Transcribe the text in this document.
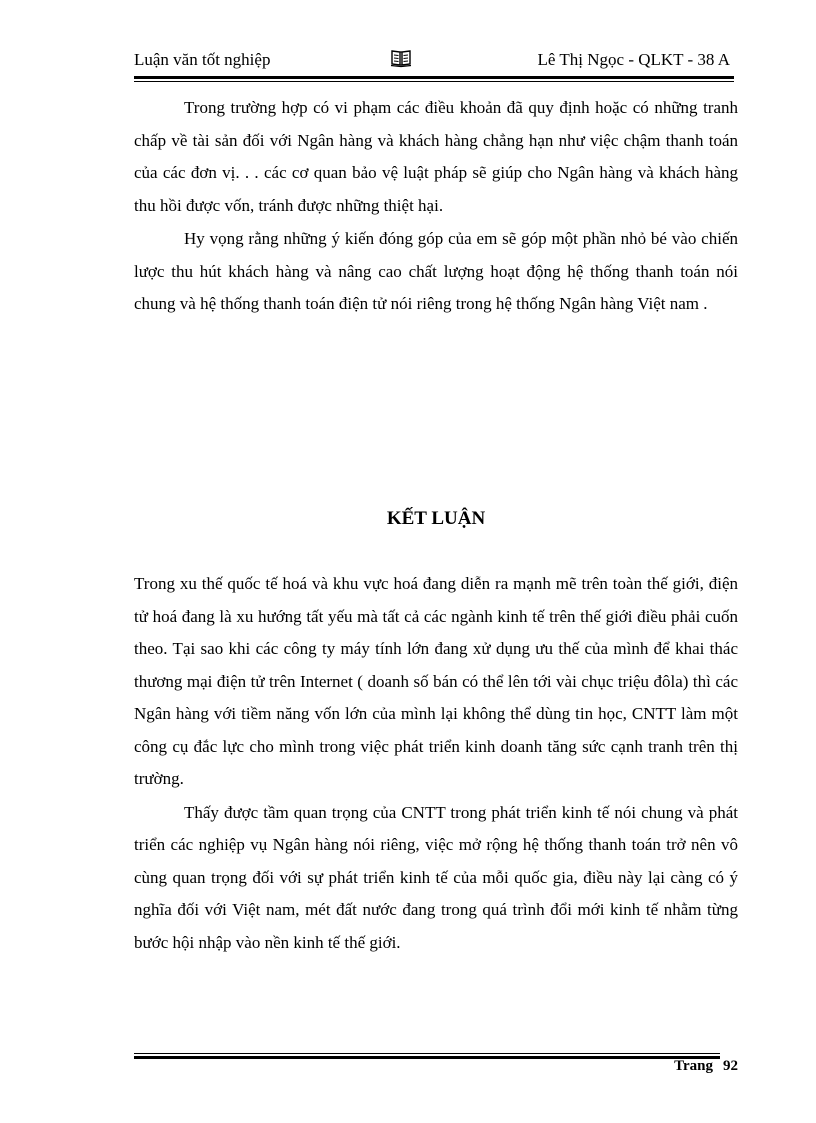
Luận văn tốt nghiệp	Lê Thị Ngọc - QLKT - 38 A

Trong trường hợp có vi phạm các điều khoản đã quy định hoặc có những tranh chấp về tài sản đối với Ngân hàng và khách hàng chẳng hạn như việc chậm thanh toán của các đơn vị. . . các cơ quan bảo vệ luật pháp sẽ giúp cho Ngân hàng và khách hàng thu hồi được vốn, tránh được những thiệt hại.

Hy vọng rằng những ý kiến đóng góp của em sẽ góp một phần nhỏ bé vào chiến lược thu hút khách hàng và nâng cao chất lượng hoạt động hệ thống thanh toán nói chung và hệ thống thanh toán điện tử nói riêng trong hệ thống Ngân hàng Việt nam .

KẾT LUẬN

Trong xu thế quốc tế hoá và khu vực hoá đang diễn ra mạnh mẽ trên toàn thế giới, điện tử hoá đang là xu hướng tất yếu mà tất cả các ngành kinh tế trên thế giới điều phải cuốn theo. Tại sao khi các công ty máy tính lớn đang xử dụng ưu thế của mình để khai thác thương mại điện tử trên Internet ( doanh số bán có thể lên tới vài chục triệu đôla) thì các Ngân hàng với tiềm năng vốn lớn của mình lại không thể dùng tin học, CNTT làm một công cụ đắc lực cho mình trong việc phát triển kinh doanh tăng sức cạnh tranh trên thị trường.

Thấy được tầm quan trọng của CNTT trong phát triển kinh tế nói chung và phát triển các nghiệp vụ Ngân hàng nói riêng, việc mở rộng hệ thống thanh toán trở nên vô cùng quan trọng đối với sự phát triển kinh tế của mỗi quốc gia, điều này lại càng có ý nghĩa đối với Việt nam, mét đất nước đang trong quá trình đổi mới kinh tế nhằm từng bước hội nhập vào nền kinh tế thế giới.

Trang 92
